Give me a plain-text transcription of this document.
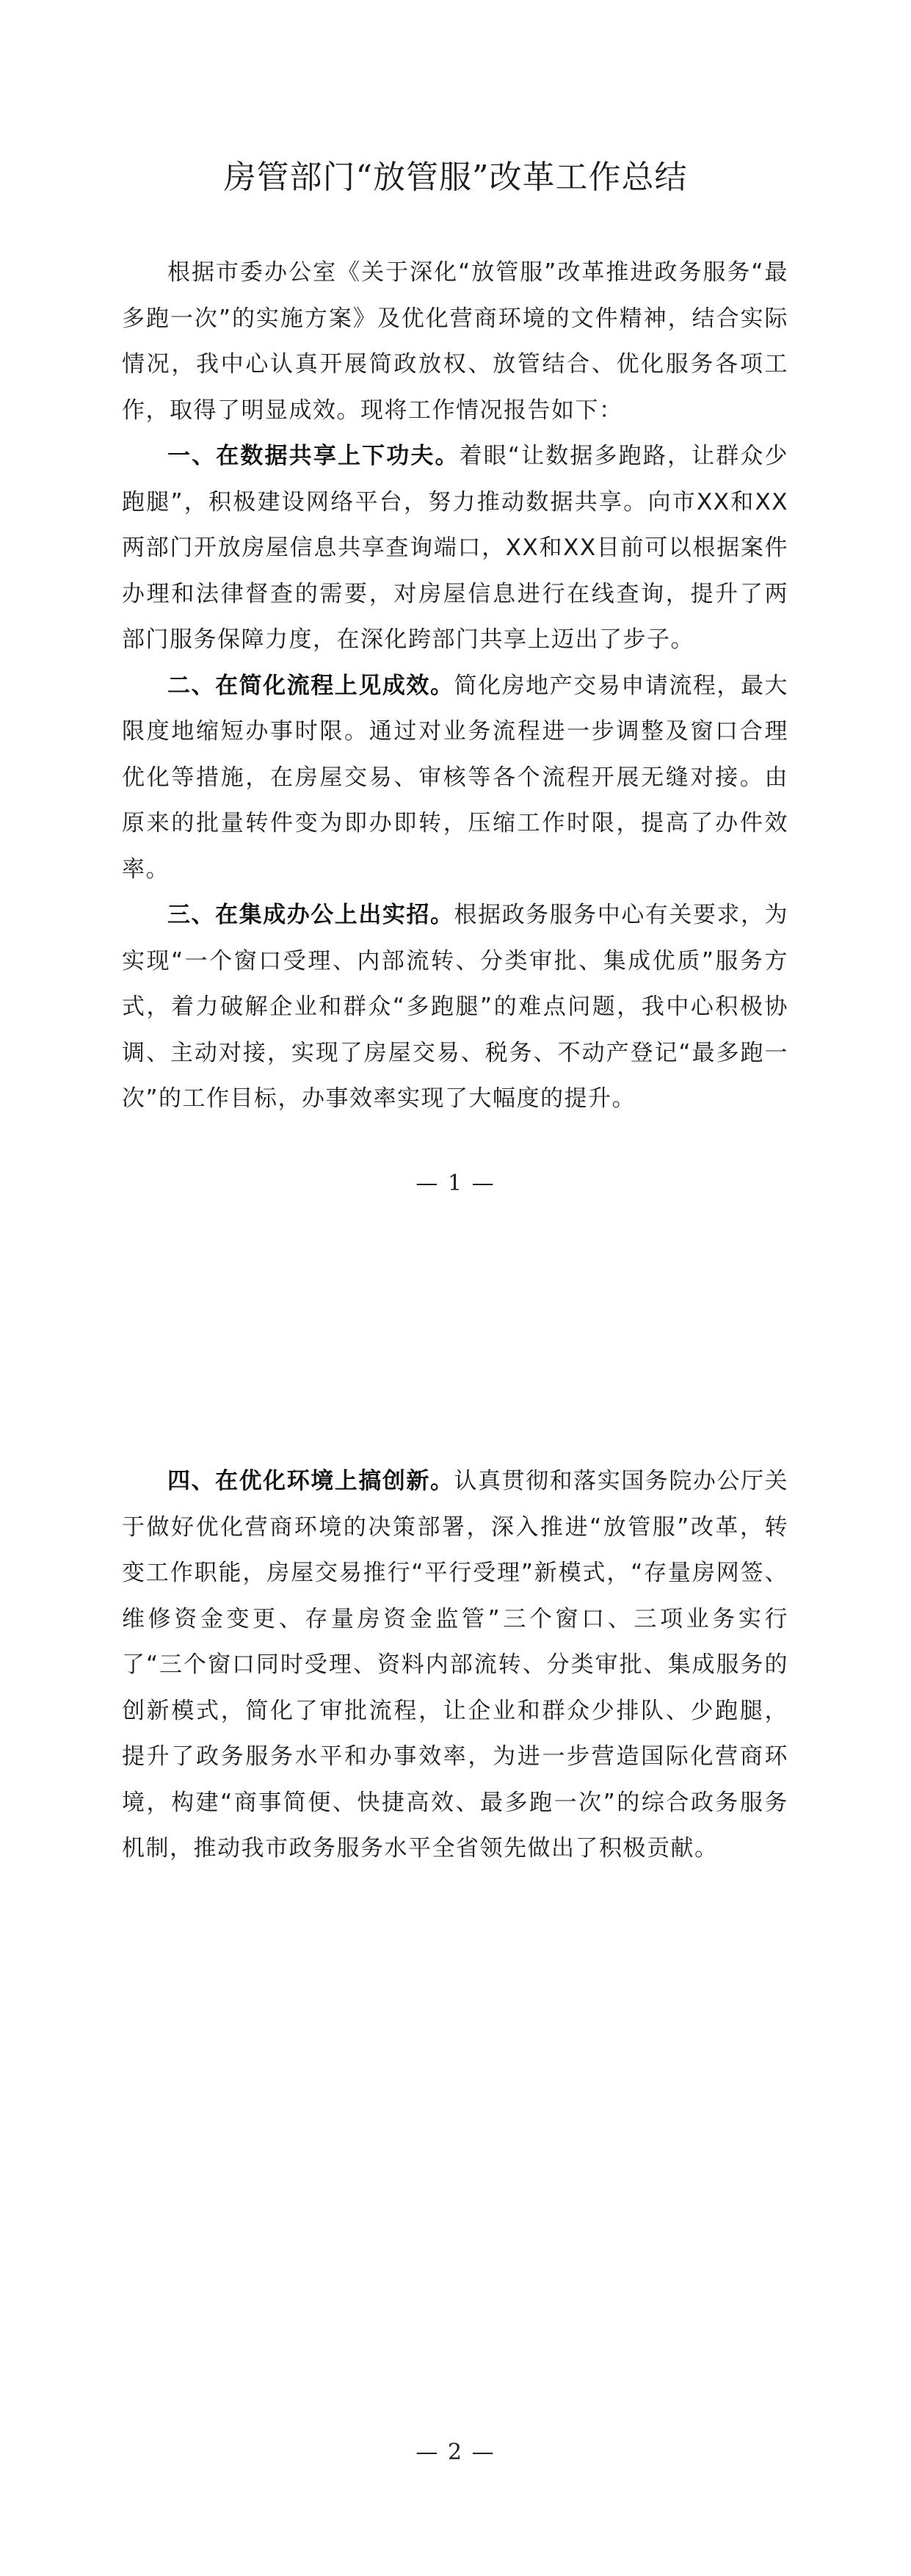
房管部门“放管服”改革工作总结

根据市委办公室《关于深化“放管服”改革推进政务服务“最多跑一次”的实施方案》及优化营商环境的文件精神，结合实际情况，我中心认真开展简政放权、放管结合、优化服务各项工作，取得了明显成效。现将工作情况报告如下：

一、在数据共享上下功夫。着眼“让数据多跑路，让群众少跑腿”，积极建设网络平台，努力推动数据共享。向市XX和XX两部门开放房屋信息共享查询端口，XX和XX目前可以根据案件办理和法律督查的需要，对房屋信息进行在线查询，提升了两部门服务保障力度，在深化跨部门共享上迈出了步子。

二、在简化流程上见成效。简化房地产交易申请流程，最大限度地缩短办事时限。通过对业务流程进一步调整及窗口合理优化等措施，在房屋交易、审核等各个流程开展无缝对接。由原来的批量转件变为即办即转，压缩工作时限，提高了办件效率。

三、在集成办公上出实招。根据政务服务中心有关要求，为实现“一个窗口受理、内部流转、分类审批、集成优质”服务方式，着力破解企业和群众“多跑腿”的难点问题，我中心积极协调、主动对接，实现了房屋交易、税务、不动产登记“最多跑一次”的工作目标，办事效率实现了大幅度的提升。

— 1 —

四、在优化环境上搞创新。认真贯彻和落实国务院办公厅关于做好优化营商环境的决策部署，深入推进“放管服”改革，转变工作职能，房屋交易推行“平行受理”新模式，“存量房网签、维修资金变更、存量房资金监管”三个窗口、三项业务实行了“三个窗口同时受理、资料内部流转、分类审批、集成服务的创新模式，简化了审批流程，让企业和群众少排队、少跑腿，提升了政务服务水平和办事效率，为进一步营造国际化营商环境，构建“商事简便、快捷高效、最多跑一次”的综合政务服务机制，推动我市政务服务水平全省领先做出了积极贡献。

— 2 —
